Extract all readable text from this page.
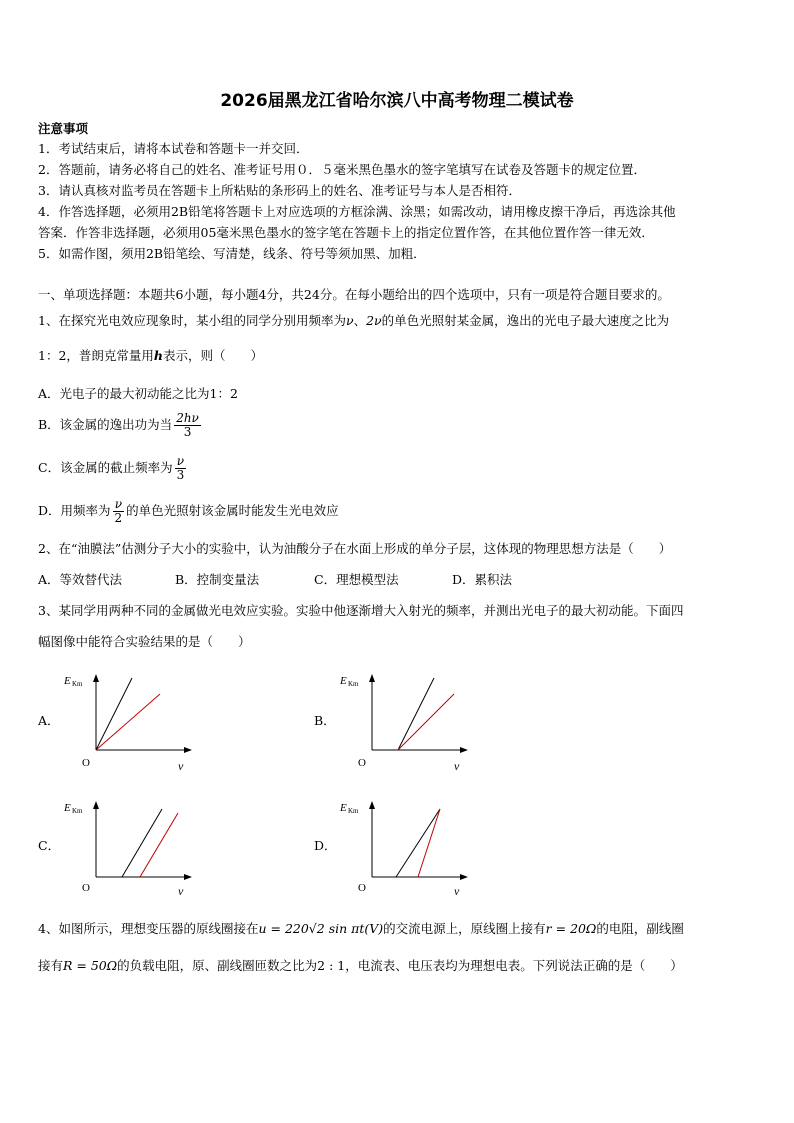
2026届黑龙江省哈尔滨八中高考物理二模试卷
注意事项
1．考试结束后，请将本试卷和答题卡一并交回．
2．答题前，请务必将自己的姓名、准考证号用０．５毫米黑色墨水的签字笔填写在试卷及答题卡的规定位置．
3．请认真核对监考员在答题卡上所粘贴的条形码上的姓名、准考证号与本人是否相符．
4．作答选择题，必须用2B铅笔将答题卡上对应选项的方框涂满、涂黑；如需改动，请用橡皮擦干净后，再选涂其他
答案．作答非选择题，必须用05毫米黑色墨水的签字笔在答题卡上的指定位置作答，在其他位置作答一律无效．
5．如需作图，须用2B铅笔绘、写清楚，线条、符号等须加黑、加粗．
一、单项选择题：本题共6小题，每小题4分，共24分。在每小题给出的四个选项中，只有一项是符合题目要求的。
1、在探究光电效应现象时，某小组的同学分别用频率为ν、2ν的单色光照射某金属，逸出的光电子最大速度之比为
1：2，普朗克常量用h表示，则（　　）
A．光电子的最大初动能之比为1：2
B．该金属的逸出功为当 $\frac{2h\nu}{3}$
C．该金属的截止频率为 $\frac{\nu}{3}$
D．用频率为 $\frac{\nu}{2}$ 的单色光照射该金属时能发生光电效应
2、在“油膜法”估测分子大小的实验中，认为油酸分子在水面上形成的单分子层，这体现的物理思想方法是（　　）
A．等效替代法	B．控制变量法	C．理想模型法	D．累积法
3、某同学用两种不同的金属做光电效应实验。实验中他逐渐增大入射光的频率，并测出光电子的最大初动能。下面四
幅图像中能符合实验结果的是（　　）
A．	B．
C．	D．
E Km
O	ν
E Km
O	ν
E Km
O	ν
E Km
O	ν
4、如图所示，理想变压器的原线圈接在u = 220√2 sin πt(V)的交流电源上，原线圈上接有r = 20Ω的电阻，副线圈
接有R = 50Ω的负载电阻，原、副线圈匝数之比为2 : 1，电流表、电压表均为理想电表。下列说法正确的是（　　）
